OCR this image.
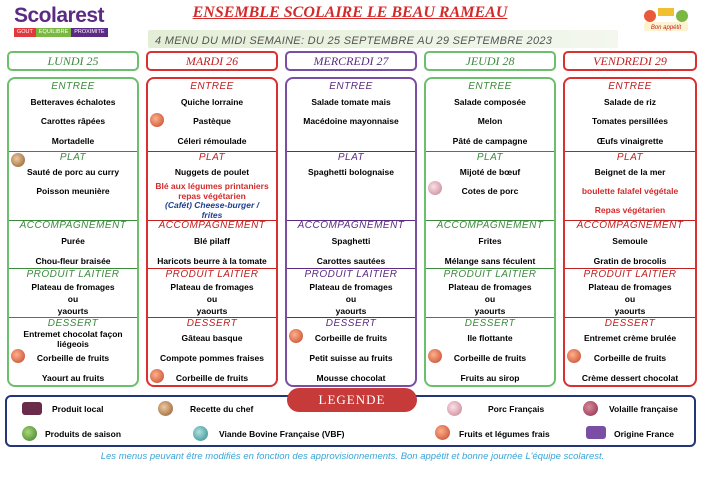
Scolarest
GOUT	EQUILIBRE	PROXIMITE
ENSEMBLE SCOLAIRE LE BEAU RAMEAU
4 MENU DU MIDI SEMAINE: DU 25 SEPTEMBRE AU 29 SEPTEMBRE 2023
Bon appétit
LUNDI 25	MARDI 26	MERCREDI 27	JEUDI 28	VENDREDI 29
ENTREE
Betteraves échalotes
Carottes râpées
Mortadelle
PLAT
Sauté de porc au curry
Poisson meunière
ACCOMPAGNEMENT
Purée
Chou-fleur braisée
PRODUIT LAITIER
Plateau de fromages
ou
yaourts
DESSERT
Entremet chocolat façon liégeois
Corbeille de fruits
Yaourt au fruits
ENTREE
Quiche lorraine
Pastèque
Céleri rémoulade
PLAT
Nuggets de poulet
Blé aux légumes printaniers repas végétarien
(Cafét) Cheese-burger / frites
ACCOMPAGNEMENT
Blé pilaff
Haricots beurre à la tomate
PRODUIT LAITIER
Plateau de fromages
ou
yaourts
DESSERT
Gâteau basque
Compote pommes fraises
Corbeille de fruits
ENTREE
Salade tomate mais
Macédoine mayonnaise
PLAT
Spaghetti bolognaise
ACCOMPAGNEMENT
Spaghetti
Carottes sautées
PRODUIT LAITIER
Plateau de fromages
ou
yaourts
DESSERT
Corbeille de fruits
Petit suisse au fruits
Mousse chocolat
ENTREE
Salade composée
Melon
Pâté de campagne
PLAT
Mijoté de bœuf
Cotes de porc
ACCOMPAGNEMENT
Frites
Mélange sans féculent
PRODUIT LAITIER
Plateau de fromages
ou
yaourts
DESSERT
Ile flottante
Corbeille de fruits
Fruits au sirop
ENTREE
Salade de riz
Tomates persillées
Œufs vinaigrette
PLAT
Beignet de la mer
boulette falafel végétale
Repas végétarien
ACCOMPAGNEMENT
Semoule
Gratin de brocolis
PRODUIT LAITIER
Plateau de fromages
ou
yaourts
DESSERT
Entremet crème brulée
Corbeille de fruits
Crème dessert chocolat
LEGENDE
Produit local	Recette du chef	Porc Français	Volaille française
Produits de saison	Viande Bovine Française (VBF)	Fruits et légumes frais	Origine France
Les menus peuvant être modifiés en fonction des approvisionnements. Bon appétit et bonne journée L'équipe scolarest.
